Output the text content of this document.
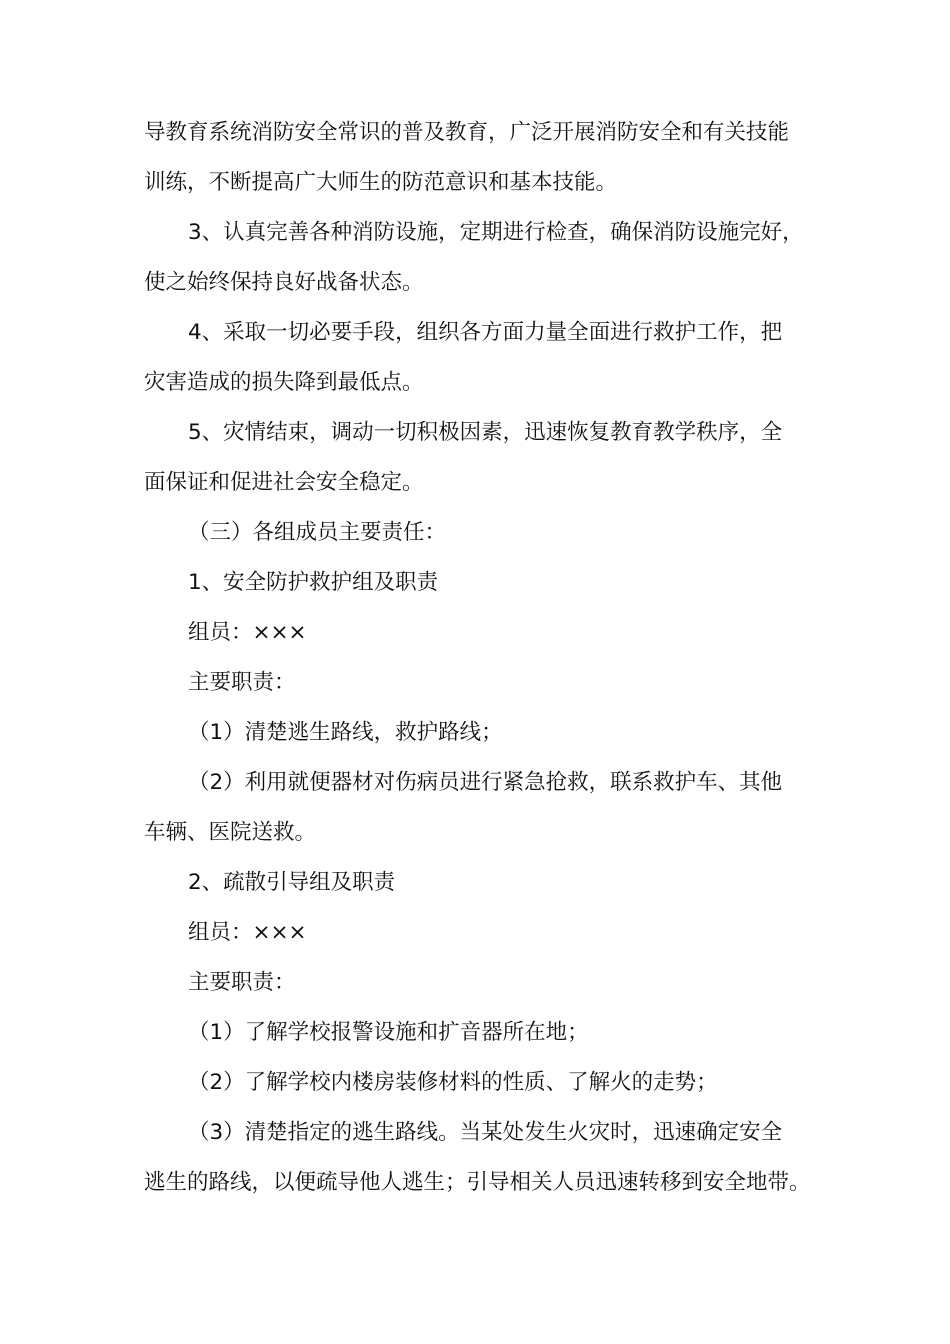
导教育系统消防安全常识的普及教育，广泛开展消防安全和有关技能
训练，不断提高广大师生的防范意识和基本技能。
3、认真完善各种消防设施，定期进行检查，确保消防设施完好，
使之始终保持良好战备状态。
4、采取一切必要手段，组织各方面力量全面进行救护工作，把
灾害造成的损失降到最低点。
5、灾情结束，调动一切积极因素，迅速恢复教育教学秩序，全
面保证和促进社会安全稳定。
（三）各组成员主要责任：
1、安全防护救护组及职责
组员：×××
主要职责：
（1）清楚逃生路线，救护路线；
（2）利用就便器材对伤病员进行紧急抢救，联系救护车、其他
车辆、医院送救。
2、疏散引导组及职责
组员：×××
主要职责：
（1）了解学校报警设施和扩音器所在地；
（2）了解学校内楼房装修材料的性质、了解火的走势；
（3）清楚指定的逃生路线。当某处发生火灾时，迅速确定安全
逃生的路线，以便疏导他人逃生；引导相关人员迅速转移到安全地带。
